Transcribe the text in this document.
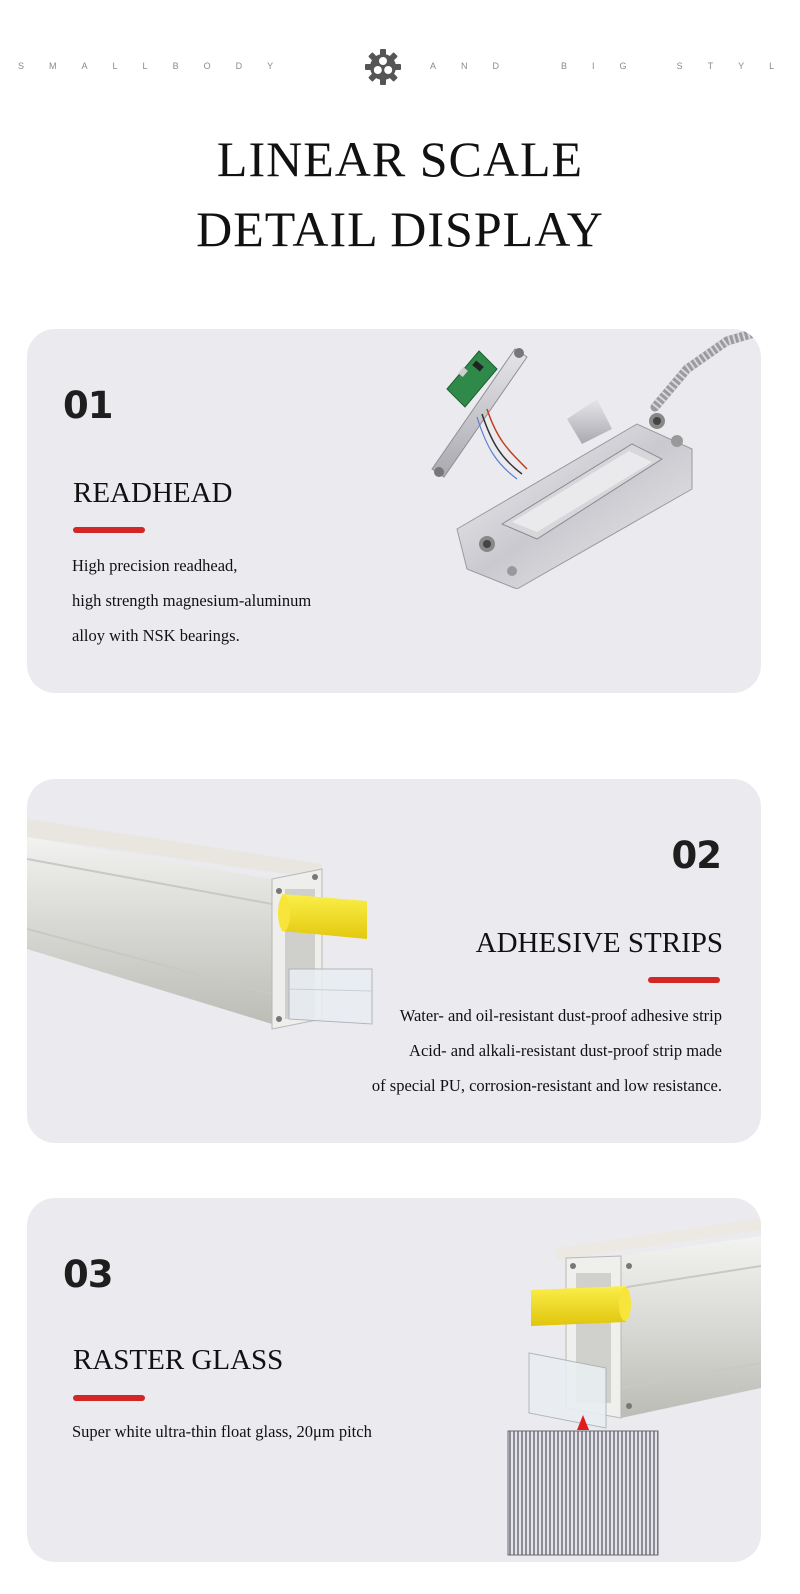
S	M	A	L	L	B	O	D	Y	A	N	D	B	I	G	S	T	Y	L
LINEAR SCALE
DETAIL DISPLAY
01
READHEAD
High precision readhead,
high strength magnesium-aluminum
alloy with NSK bearings.
02
ADHESIVE STRIPS
Water- and oil-resistant dust-proof adhesive strip
Acid- and alkali-resistant dust-proof strip made
of special PU, corrosion-resistant and low resistance.
03
RASTER GLASS
Super white ultra-thin float glass, 20μm pitch
